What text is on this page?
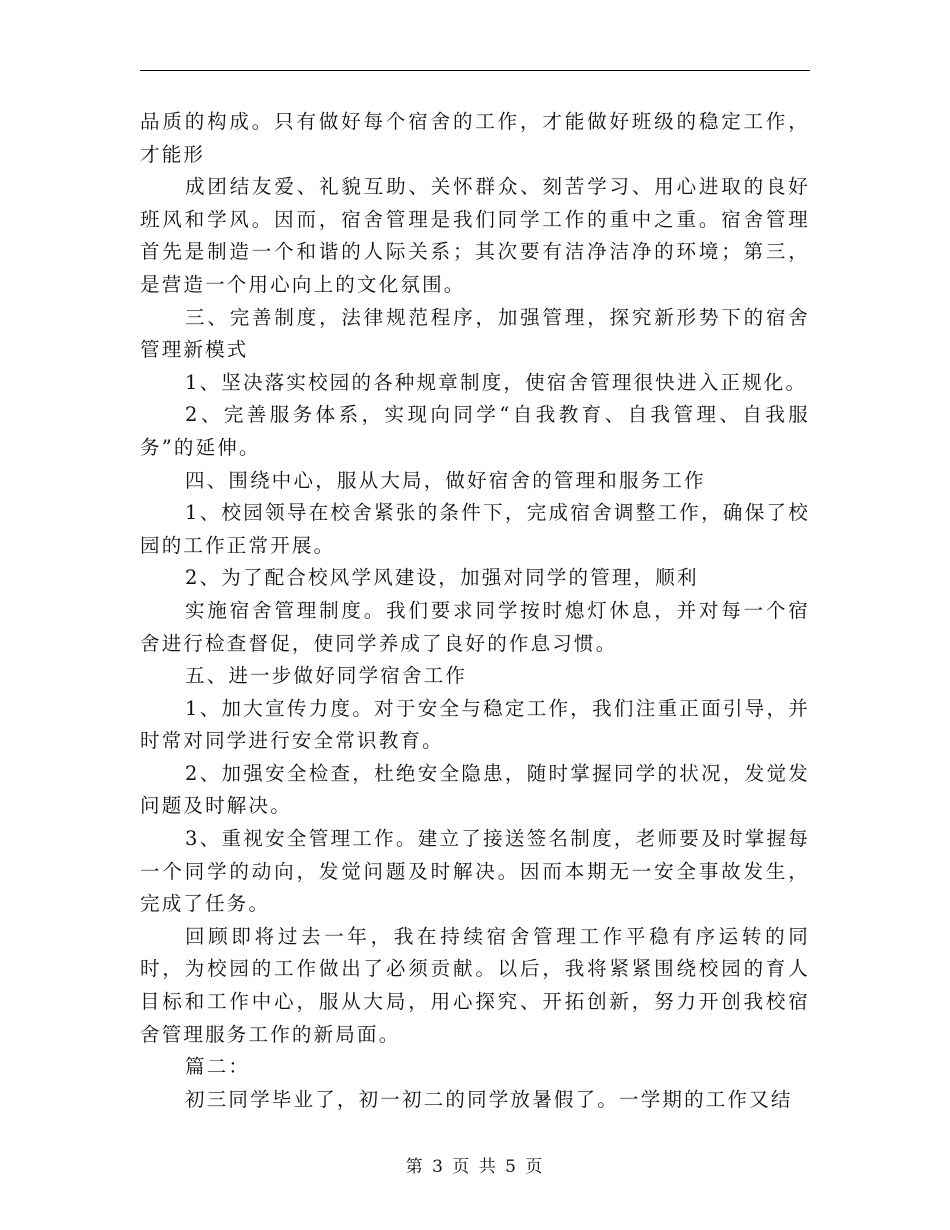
品质的构成。只有做好每个宿舍的工作，才能做好班级的稳定工作，才能形

成团结友爱、礼貌互助、关怀群众、刻苦学习、用心进取的良好班风和学风。因而，宿舍管理是我们同学工作的重中之重。宿舍管理首先是制造一个和谐的人际关系；其次要有洁净洁净的环境；第三，是营造一个用心向上的文化氛围。

三、完善制度，法律规范程序，加强管理，探究新形势下的宿舍管理新模式

1、坚决落实校园的各种规章制度，使宿舍管理很快进入正规化。

2、完善服务体系，实现向同学“自我教育、自我管理、自我服务”的延伸。

四、围绕中心，服从大局，做好宿舍的管理和服务工作

1、校园领导在校舍紧张的条件下，完成宿舍调整工作，确保了校园的工作正常开展。

2、为了配合校风学风建设，加强对同学的管理，顺利

实施宿舍管理制度。我们要求同学按时熄灯休息，并对每一个宿舍进行检查督促，使同学养成了良好的作息习惯。

五、进一步做好同学宿舍工作

1、加大宣传力度。对于安全与稳定工作，我们注重正面引导，并时常对同学进行安全常识教育。

2、加强安全检查，杜绝安全隐患，随时掌握同学的状况，发觉发问题及时解决。

3、重视安全管理工作。建立了接送签名制度，老师要及时掌握每一个同学的动向，发觉问题及时解决。因而本期无一安全事故发生，完成了任务。

回顾即将过去一年，我在持续宿舍管理工作平稳有序运转的同时，为校园的工作做出了必须贡献。以后，我将紧紧围绕校园的育人目标和工作中心，服从大局，用心探究、开拓创新，努力开创我校宿舍管理服务工作的新局面。

篇二：

初三同学毕业了，初一初二的同学放暑假了。一学期的工作又结

第 3 页 共 5 页
